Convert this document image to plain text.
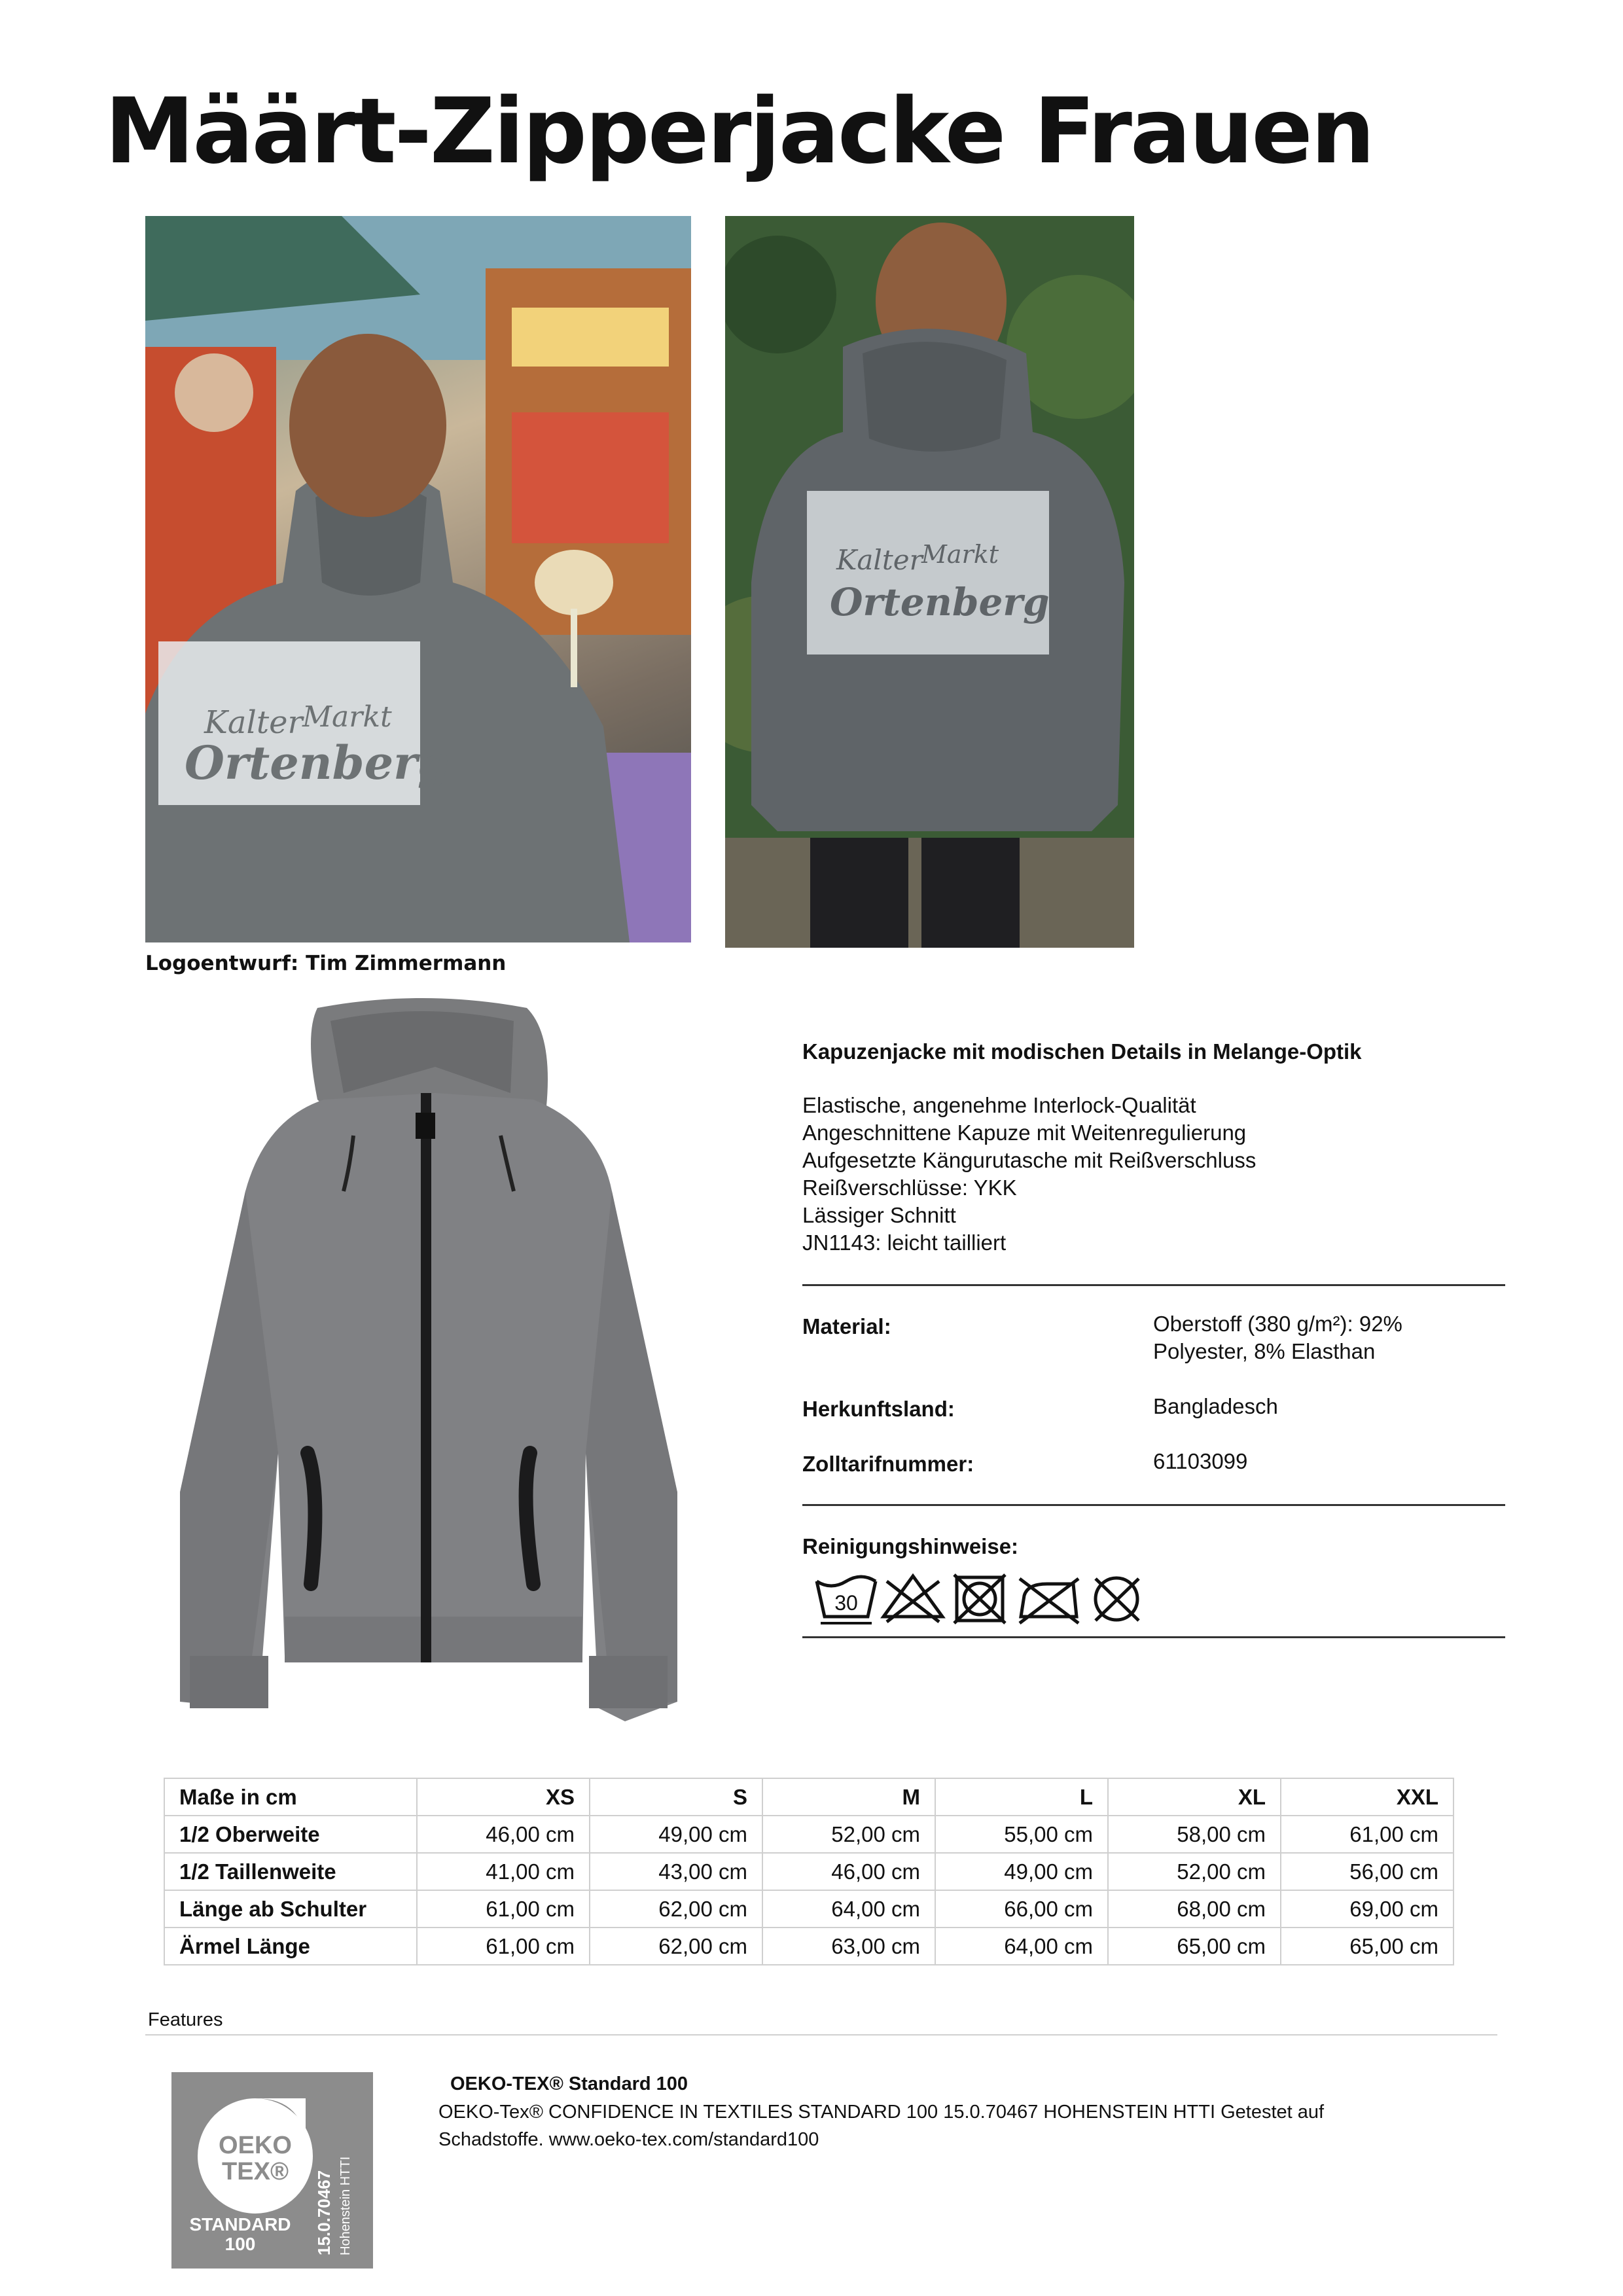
Määrt-Zipperjacke Frauen
Kalter Markt
Ortenberg
Kalter
Markt
Ortenberg
Logoentwurf: Tim Zimmermann
Kapuzenjacke mit modischen Details in Melange-Optik
Elastische, angenehme Interlock-Qualität
Angeschnittene Kapuze mit Weitenregulierung
Aufgesetzte Kängurutasche mit Reißverschluss
Reißverschlüsse: YKK
Lässiger Schnitt
JN1143: leicht tailliert
Material:	Oberstoff (380 g/m²): 92% Polyester, 8% Elasthan
Herkunftsland:	Bangladesch
Zolltarifnummer:	61103099
Reinigungshinweise:
30
Maße in cm	XS	S	M	L	XL	XXL
1/2 Oberweite	46,00 cm	49,00 cm	52,00 cm	55,00 cm	58,00 cm	61,00 cm
1/2 Taillenweite	41,00 cm	43,00 cm	46,00 cm	49,00 cm	52,00 cm	56,00 cm
Länge ab Schulter	61,00 cm	62,00 cm	64,00 cm	66,00 cm	68,00 cm	69,00 cm
Ärmel Länge	61,00 cm	62,00 cm	63,00 cm	64,00 cm	65,00 cm	65,00 cm
Features
OEKO
TEX®
STANDARD
100	15.0.70467 Hohenstein HTTI
OEKO-TEX® Standard 100
OEKO-Tex® CONFIDENCE IN TEXTILES STANDARD 100 15.0.70467 HOHENSTEIN HTTI Getestet auf Schadstoffe. www.oeko-tex.com/standard100
